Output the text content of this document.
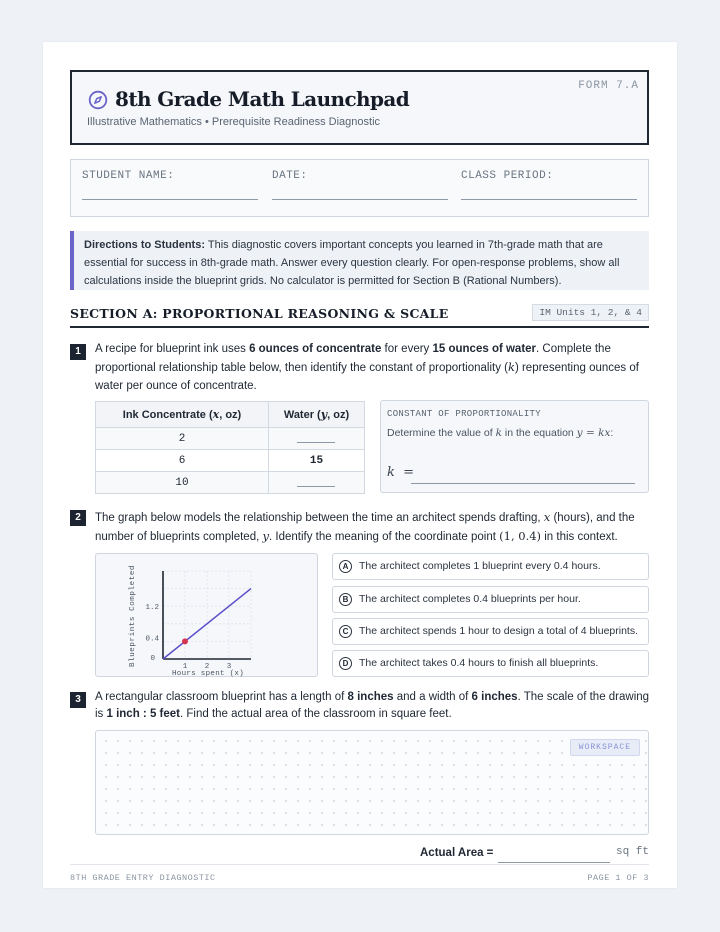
FORM 7.A
8th Grade Math Launchpad
Illustrative Mathematics • Prerequisite Readiness Diagnostic
STUDENT NAME:	DATE:	CLASS PERIOD:
Directions to Students: This diagnostic covers important concepts you learned in 7th-grade math that are essential for success in 8th-grade math. Answer every question clearly. For open-response problems, show all calculations inside the blueprint grids. No calculator is permitted for Section B (Rational Numbers).
SECTION A: PROPORTIONAL REASONING & SCALE	IM Units 1, 2, & 4
1	A recipe for blueprint ink uses 6 ounces of concentrate for every 15 ounces of water. Complete the proportional relationship table below, then identify the constant of proportionality (k) representing ounces of water per ounce of concentrate.
Ink Concentrate (x, oz)	Water (y, oz)
2	
6	15
10	
CONSTANT OF PROPORTIONALITY
Determine the value of k in the equation y = kx:
k  =
2	The graph below models the relationship between the time an architect spends drafting, x (hours), and the number of blueprints completed, y. Identify the meaning of the coordinate point (1, 0.4) in this context.
1 2 3
0
0.4
1.2
Blueprints Completed
Hours spent (x)
A	The architect completes 1 blueprint every 0.4 hours.
B	The architect completes 0.4 blueprints per hour.
C	The architect spends 1 hour to design a total of 4 blueprints.
D	The architect takes 0.4 hours to finish all blueprints.
3	A rectangular classroom blueprint has a length of 8 inches and a width of 6 inches. The scale of the drawing is 1 inch : 5 feet. Find the actual area of the classroom in square feet.
WORKSPACE
Actual Area =	sq ft
8TH GRADE ENTRY DIAGNOSTIC	PAGE 1 OF 3
